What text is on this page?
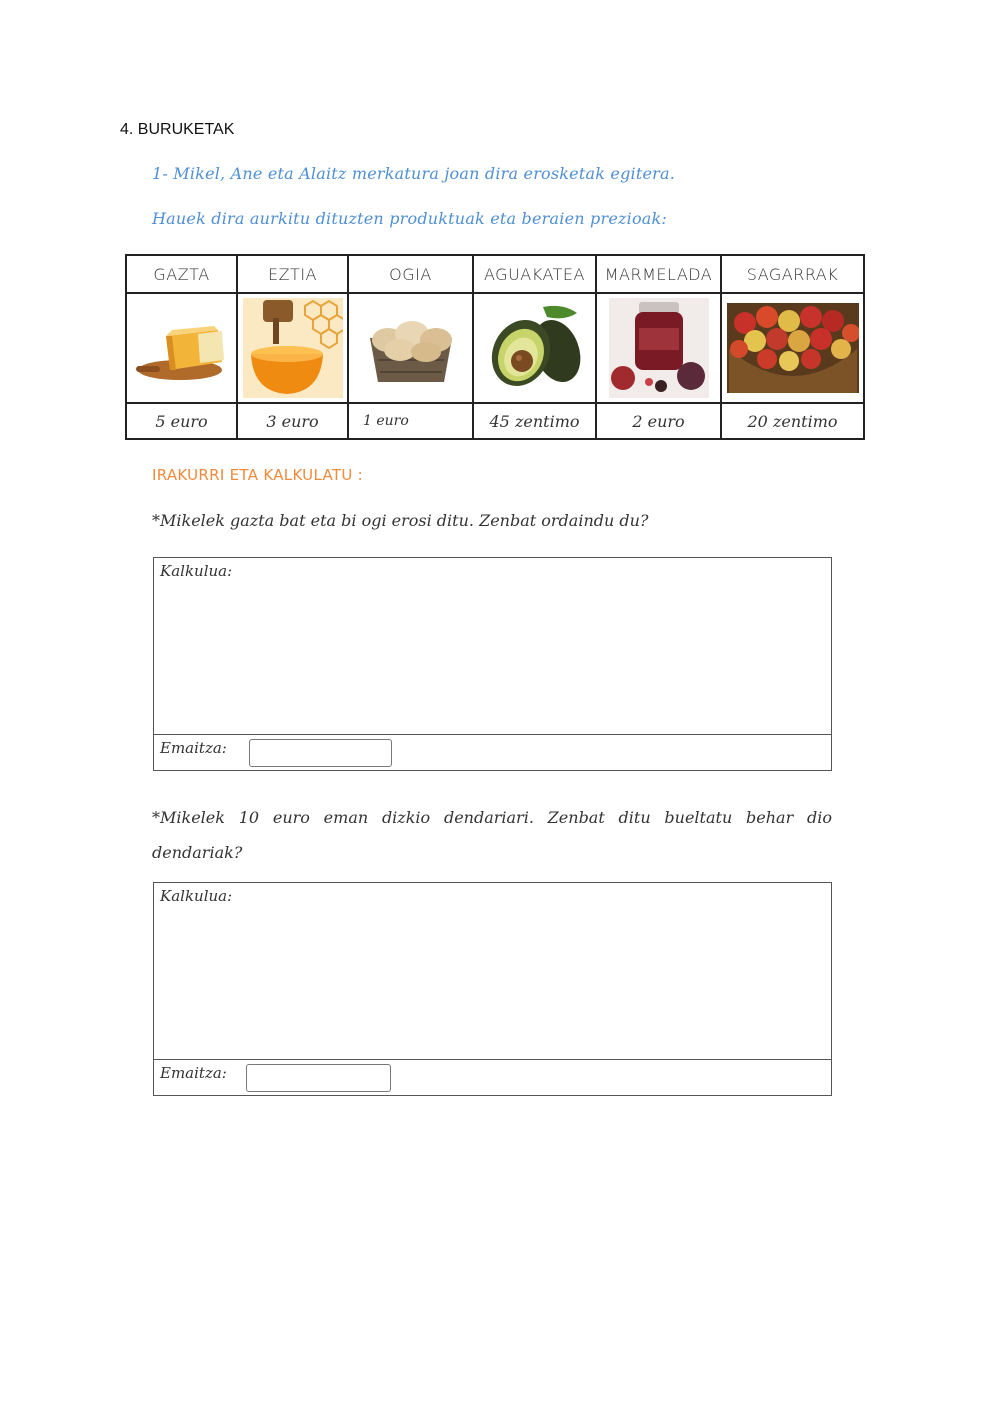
4. BURUKETAK
1- Mikel, Ane eta Alaitz merkatura joan dira erosketak egitera.
Hauek dira aurkitu dituzten produktuak eta beraien prezioak:
GAZTA	EZTIA	OGIA	AGUAKATEA	MARMELADA	SAGARRAK

5 euro	3 euro	1 euro	45 zentimo	2 euro	20 zentimo
IRAKURRI ETA KALKULATU :
*Mikelek gazta bat eta bi ogi erosi ditu. Zenbat ordaindu du?
Kalkulua:
Emaitza:
*Mikelek 10 euro eman dizkio dendariari. Zenbat ditu bueltatu behar dio dendariak?
Kalkulua:
Emaitza:
